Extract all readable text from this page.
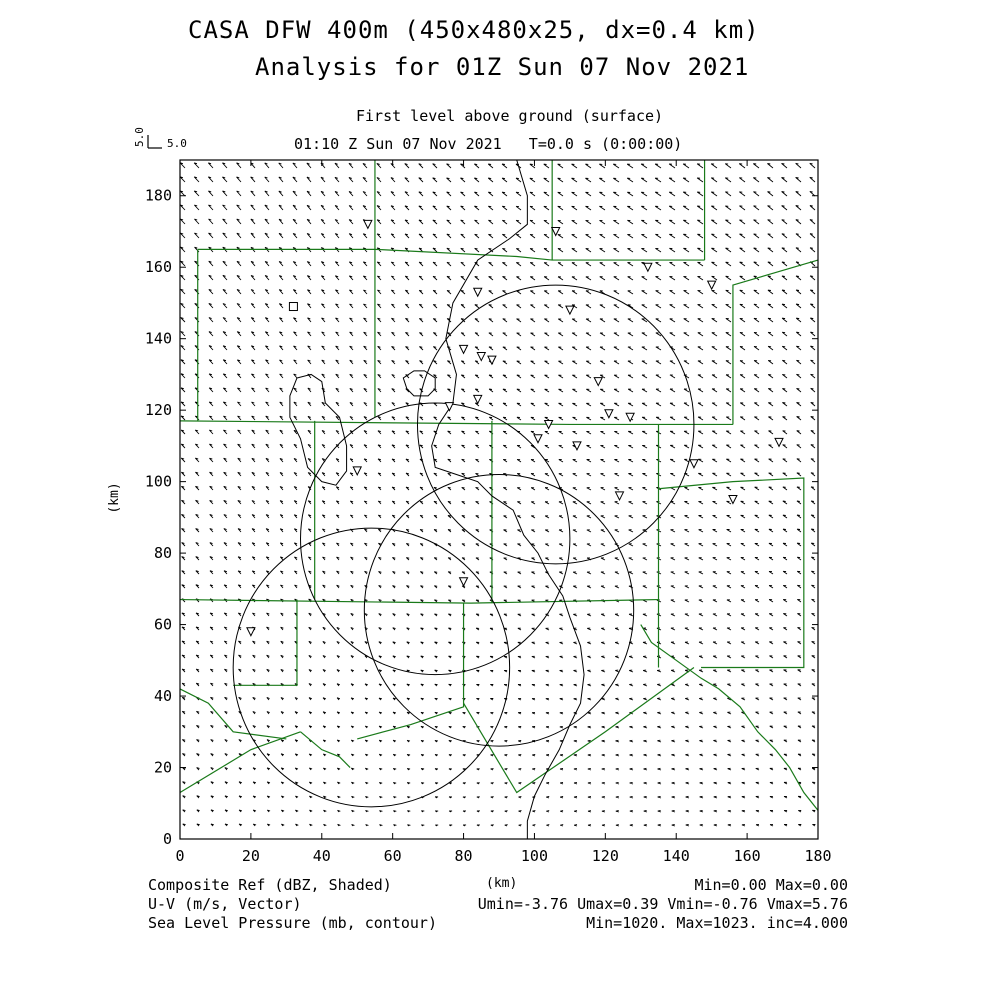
CASA DFW 400m (450x480x25, dx=0.4 km)
Analysis for 01Z Sun 07 Nov 2021
First level above ground (surface)
01:10 Z Sun 07 Nov 2021   T=0.0 s (0:00:00)
0	20	40	60	80	100	120	140	160	180
0
20
40
60
80
100
120
140
160
180
5.0 5.0
(km)
Composite Ref (dBZ, Shaded)
U-V (m/s, Vector)
Sea Level Pressure (mb, contour)
(km)	Min=0.00 Max=0.00
Umin=-3.76 Umax=0.39 Vmin=-0.76 Vmax=5.76
Min=1020. Max=1023. inc=4.000
